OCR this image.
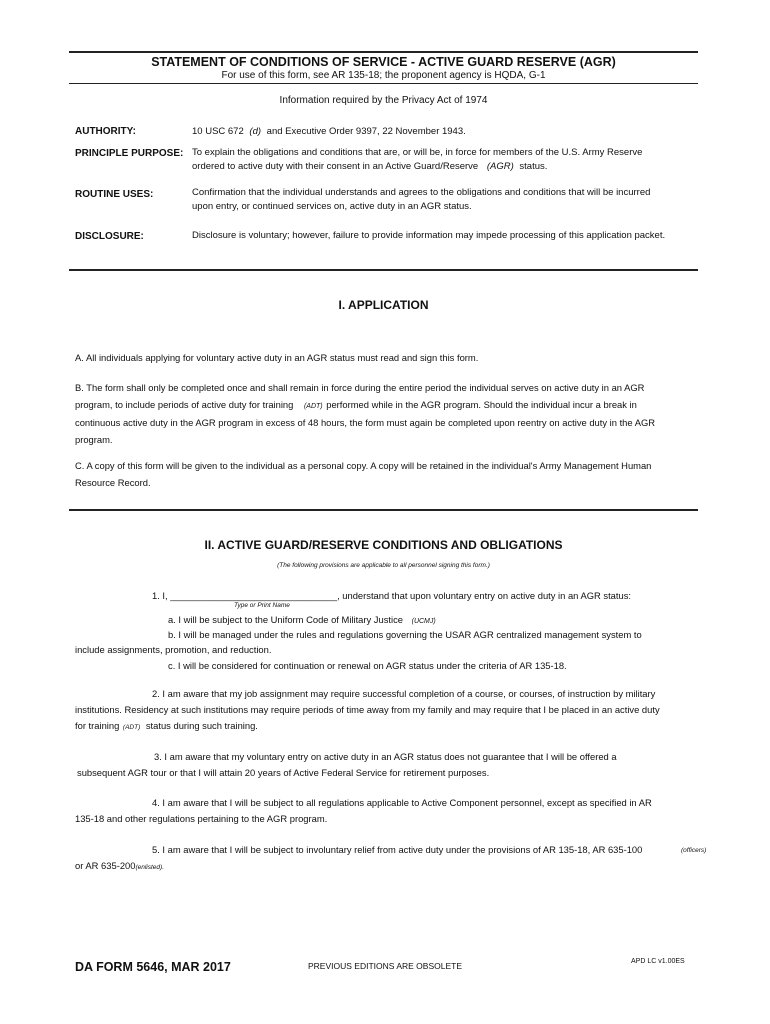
STATEMENT OF CONDITIONS OF SERVICE - ACTIVE GUARD RESERVE (AGR)
For use of this form, see AR 135-18; the proponent agency is HQDA, G-1
Information required by the Privacy Act of 1974
AUTHORITY:	10 USC 672 (d) and Executive Order 9397, 22 November 1943.
PRINCIPLE PURPOSE: To explain the obligations and conditions that are, or will be, in force for members of the U.S. Army Reserve
ordered to active duty with their consent in an Active Guard/Reserve (AGR) status.
ROUTINE USES:	Confirmation that the individual understands and agrees to the obligations and conditions that will be incurred
upon entry, or continued services on, active duty in an AGR status.
DISCLOSURE:	Disclosure is voluntary; however, failure to provide information may impede processing of this application packet.
I. APPLICATION
A. All individuals applying for voluntary active duty in an AGR status must read and sign this form.
B. The form shall only be completed once and shall remain in force during the entire period the individual serves on active duty in an AGR
program, to include periods of active duty for training (ADT) performed while in the AGR program. Should the individual incur a break in
continuous active duty in the AGR program in excess of 48 hours, the form must again be completed upon reentry on active duty in the AGR
program.
C. A copy of this form will be given to the individual as a personal copy. A copy will be retained in the individual's Army Management Human
Resource Record.
II. ACTIVE GUARD/RESERVE CONDITIONS AND OBLIGATIONS
(The following provisions are applicable to all personnel signing this form.)
1. I, ________________________________, understand that upon voluntary entry on active duty in an AGR status:
Type or Print Name
a. I will be subject to the Uniform Code of Military Justice (UCMJ)
b. I will be managed under the rules and regulations governing the USAR AGR centralized management system to
include assignments, promotion, and reduction.
c. I will be considered for continuation or renewal on AGR status under the criteria of AR 135-18.
2. I am aware that my job assignment may require successful completion of a course, or courses, of instruction by military
institutions. Residency at such institutions may require periods of time away from my family and may require that I be placed in an active duty
for training (ADT) status during such training.
3. I am aware that my voluntary entry on active duty in an AGR status does not guarantee that I will be offered a
subsequent AGR tour or that I will attain 20 years of Active Federal Service for retirement purposes.
4. I am aware that I will be subject to all regulations applicable to Active Component personnel, except as specified in AR
135-18 and other regulations pertaining to the AGR program.
5. I am aware that I will be subject to involuntary relief from active duty under the provisions of AR 135-18, AR 635-100	(officers)
or AR 635-200(enlisted).
DA FORM 5646, MAR 2017	PREVIOUS EDITIONS ARE OBSOLETE	APD LC v1.00ES
